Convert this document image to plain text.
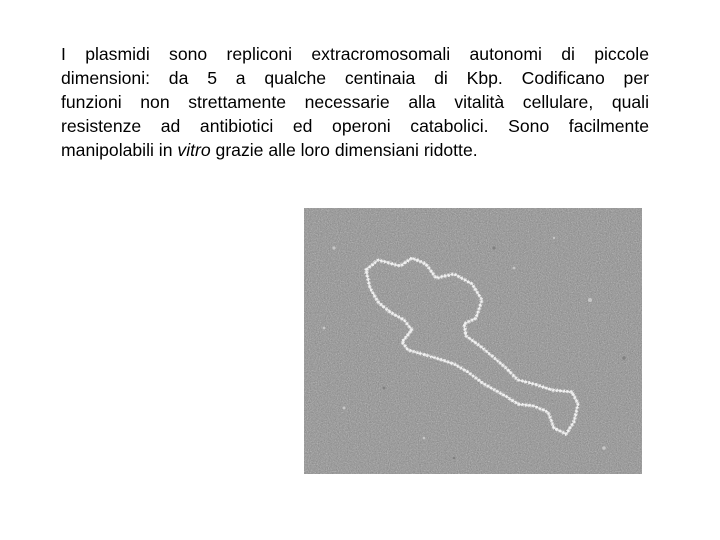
I plasmidi sono repliconi extracromosomali autonomi di piccole
dimensioni: da 5 a qualche centinaia di Kbp. Codificano per
funzioni non strettamente necessarie alla vitalità cellulare, quali
resistenze ad antibiotici ed operoni catabolici. Sono facilmente
manipolabili in vitro grazie alle loro dimensiani ridotte.
